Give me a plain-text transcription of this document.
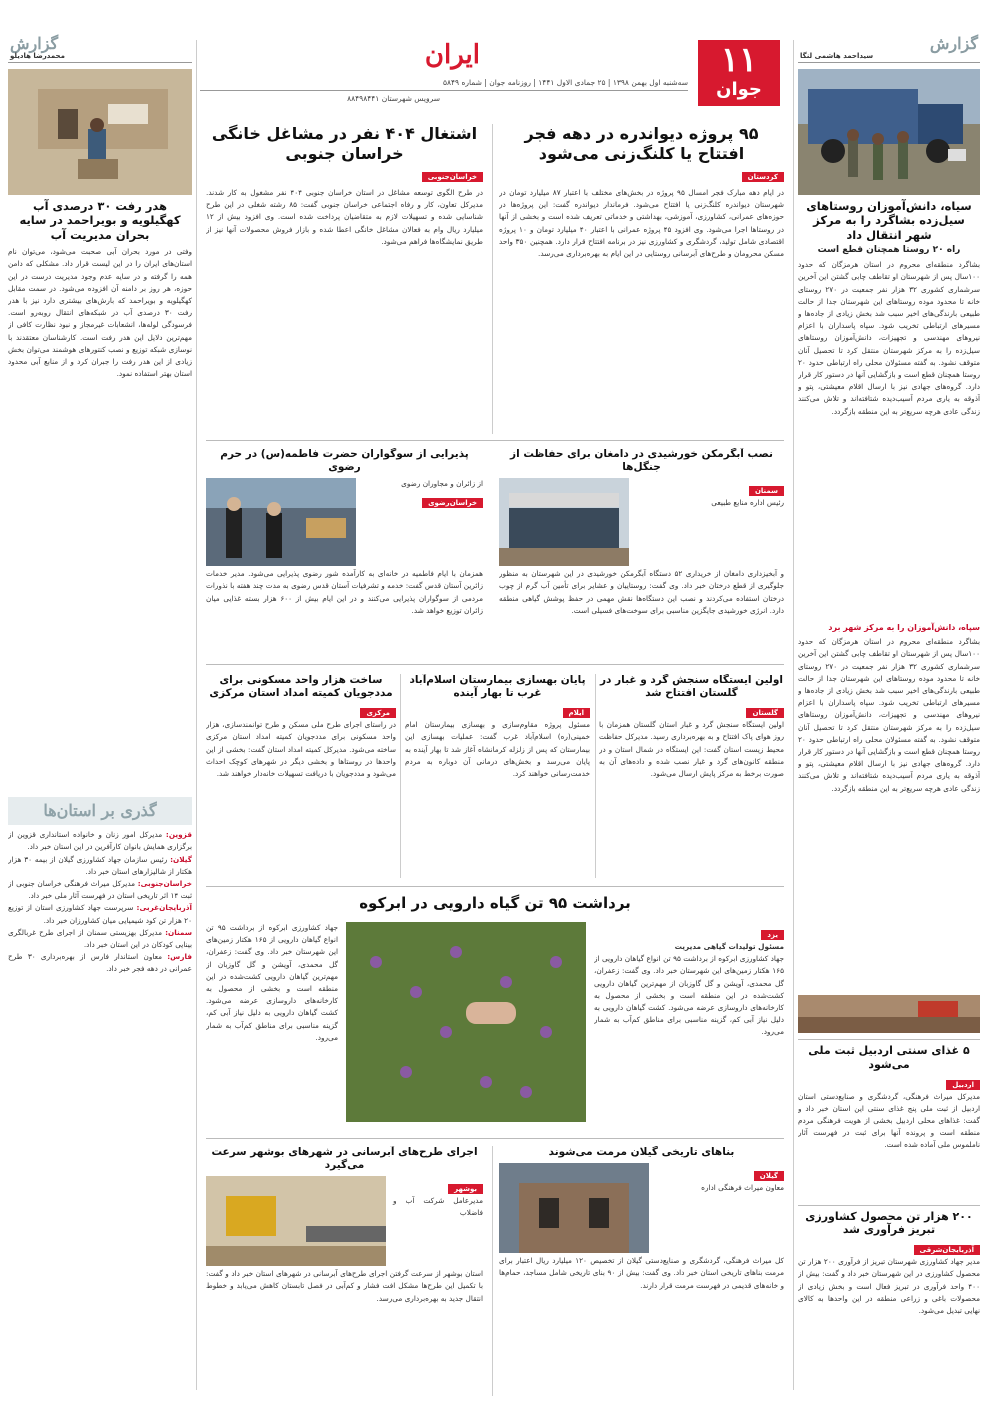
۱۱
جوان
ایران
سه‌شنبه اول بهمن ۱۳۹۸ | ۲۵ جمادی الاول ۱۴۴۱ | روزنامه جوان | شماره ۵۸۴۹
سرویس شهرستان ۸۸۴۹۸۴۴۱
گزارش
سیداحمد هاشمی لنگا
سیاه، دانش‌آموزان روستاهای سیل‌زده بشاگرد را به مرکز شهر انتقال داد
راه ۲۰ روستا همچنان قطع است
بشاگرد منطقه‌ای محروم در استان هرمزگان که حدود ۱۰۰سال پس از شهرستان او تقاطف چابی گشتن این آخرین سرشماری کشوری ۳۲ هزار نفر جمعیت در ۲۷۰ روستای خانه تا محدود موده روستاهای این شهرستان جدا از حالت طبیعی بارندگی‌های اخیر سبب شد بخش زیادی از جاده‌ها و مسیرهای ارتباطی تخریب شود. سپاه پاسداران با اعزام نیروهای مهندسی و تجهیزات، دانش‌آموزان روستاهای سیل‌زده را به مرکز شهرستان منتقل کرد تا تحصیل آنان متوقف نشود. به گفته مسئولان محلی راه ارتباطی حدود ۲۰ روستا همچنان قطع است و بازگشایی آنها در دستور کار قرار دارد. گروه‌های جهادی نیز با ارسال اقلام معیشتی، پتو و آذوقه به یاری مردم آسیب‌دیده شتافته‌اند و تلاش می‌کنند زندگی عادی هرچه سریع‌تر به این منطقه بازگردد.
سپاه، دانش‌آموزان را به مرکز شهر برد
بشاگرد منطقه‌ای محروم در استان هرمزگان که حدود ۱۰۰سال پس از شهرستان او تقاطف چابی گشتن این آخرین سرشماری کشوری ۳۲ هزار نفر جمعیت در ۲۷۰ روستای خانه تا محدود موده روستاهای این شهرستان جدا از حالت طبیعی بارندگی‌های اخیر سبب شد بخش زیادی از جاده‌ها و مسیرهای ارتباطی تخریب شود. سپاه پاسداران با اعزام نیروهای مهندسی و تجهیزات، دانش‌آموزان روستاهای سیل‌زده را به مرکز شهرستان منتقل کرد تا تحصیل آنان متوقف نشود. به گفته مسئولان محلی راه ارتباطی حدود ۲۰ روستا همچنان قطع است و بازگشایی آنها در دستور کار قرار دارد. گروه‌های جهادی نیز با ارسال اقلام معیشتی، پتو و آذوقه به یاری مردم آسیب‌دیده شتافته‌اند و تلاش می‌کنند زندگی عادی هرچه سریع‌تر به این منطقه بازگردد.
۵ غذای سنتی اردبیل ثبت ملی می‌شود
اردبیل
مدیرکل میراث فرهنگی، گردشگری و صنایع‌دستی استان اردبیل از ثبت ملی پنج غذای سنتی این استان خبر داد و گفت: غذاهای محلی اردبیل بخشی از هویت فرهنگی مردم منطقه است و پرونده آنها برای ثبت در فهرست آثار ناملموس ملی آماده شده است.
۲۰۰ هزار تن محصول کشاورزی تبریز فرآوری شد
آذربایجان‌شرقی
مدیر جهاد کشاورزی شهرستان تبریز از فرآوری ۲۰۰ هزار تن محصول کشاورزی در این شهرستان خبر داد و گفت: بیش از ۴۰۰ واحد فرآوری در تبریز فعال است و بخش زیادی از محصولات باغی و زراعی منطقه در این واحدها به کالای نهایی تبدیل می‌شود.
گزارش
محمدرضا هادیلو
هدر رفت ۳۰ درصدی آب کهگیلویه و بویراحمد در سایه بحران مدیریت آب
وفتی در مورد بحران آبی صحبت می‌شود، می‌توان نام استان‌های ایران را در این لیست قرار داد. مشکلی که دامن همه را گرفته و در سایه عدم وجود مدیریت درست در این حوزه، هر روز بر دامنه آن افزوده می‌شود. در سمت مقابل کهگیلویه و بویراحمد که بارش‌های بیشتری دارد نیز با هدر رفت ۳۰ درصدی آب در شبکه‌های انتقال روبه‌رو است. فرسودگی لوله‌ها، انشعابات غیرمجاز و نبود نظارت کافی از مهم‌ترین دلایل این هدر رفت است. کارشناسان معتقدند با نوسازی شبکه توزیع و نصب کنتورهای هوشمند می‌توان بخش زیادی از این هدر رفت را جبران کرد و از منابع آبی محدود استان بهتر استفاده نمود.
گذری بر استان‌ها
قزوین: مدیرکل امور زنان و خانواده استانداری قزوین از برگزاری همایش بانوان کارآفرین در این استان خبر داد.
گیلان: رئیس سازمان جهاد کشاورزی گیلان از بیمه ۳۰ هزار هکتار از شالیزارهای استان خبر داد.
خراسان‌جنوبی: مدیرکل میراث فرهنگی خراسان جنوبی از ثبت ۱۴ اثر تاریخی استان در فهرست آثار ملی خبر داد.
آذربایجان‌غربی: سرپرست جهاد کشاورزی استان از توزیع ۲۰ هزار تن کود شیمیایی میان کشاورزان خبر داد.
سمنان: مدیرکل بهزیستی سمنان از اجرای طرح غربالگری بینایی کودکان در این استان خبر داد.
فارس: معاون استاندار فارس از بهره‌برداری ۳۰ طرح عمرانی در دهه فجر خبر داد.
۹۵ پروژه دیواندره در دهه فجر افتتاح یا کلنگ‌زنی می‌شود
کردستان
در ایام دهه مبارک فجر امسال ۹۵ پروژه در بخش‌های مختلف با اعتبار ۸۷ میلیارد تومان در شهرستان دیواندره کلنگ‌زنی یا افتتاح می‌شود. فرماندار دیواندره گفت: این پروژه‌ها در حوزه‌های عمرانی، کشاورزی، آموزشی، بهداشتی و خدماتی تعریف شده است و بخشی از آنها در روستاها اجرا می‌شود. وی افزود ۴۵ پروژه عمرانی با اعتبار ۴۰ میلیارد تومان و ۱۰ پروژه اقتصادی شامل تولید، گردشگری و کشاورزی نیز در برنامه افتتاح قرار دارد. همچنین ۳۵۰ واحد مسکن محرومان و طرح‌های آبرسانی روستایی در این ایام به بهره‌برداری می‌رسد.
اشتغال ۴۰۴ نفر در مشاغل خانگی خراسان جنوبی
خراسان‌جنوبی
در طرح الگوی توسعه مشاغل در استان خراسان جنوبی ۴۰۴ نفر مشغول به کار شدند. مدیرکل تعاون، کار و رفاه اجتماعی خراسان جنوبی گفت: ۸۵ رشته شغلی در این طرح شناسایی شده و تسهیلات لازم به متقاضیان پرداخت شده است. وی افزود بیش از ۱۲ میلیارد ریال وام به فعالان مشاغل خانگی اعطا شده و بازار فروش محصولات آنها نیز از طریق نمایشگاه‌ها فراهم می‌شود.
نصب آبگرمکن خورشیدی در دامغان برای حفاظت از جنگل‌ها
سمنان
رئیس اداره منابع طبیعی
و آبخیزداری دامغان از خریداری ۵۲ دستگاه آبگرمکن خورشیدی در این شهرستان به منظور جلوگیری از قطع درختان خبر داد. وی گفت: روستاییان و عشایر برای تأمین آب گرم از چوب درختان استفاده می‌کردند و نصب این دستگاه‌ها نقش مهمی در حفظ پوشش گیاهی منطقه دارد. انرژی خورشیدی جایگزین مناسبی برای سوخت‌های فسیلی است.
پذیرایی از سوگواران حضرت فاطمه(س) در حرم رضوی
از زائران و مجاوران رضوی
خراسان‌رضوی
همزمان با ایام فاطمیه در خانه‌ای به کارآمده شور رضوی پذیرایی می‌شود. مدیر خدمات زائرین آستان قدس گفت: خدمه و تشرفیات آستان قدس رضوی به مدت چند هفته با نذورات مردمی از سوگواران پذیرایی می‌کنند و در این ایام بیش از ۶۰۰ هزار بسته غذایی میان زائران توزیع خواهد شد.
اولین ایستگاه سنجش گرد و غبار در گلستان افتتاح شد
گلستان
اولین ایستگاه سنجش گرد و غبار استان گلستان همزمان با روز هوای پاک افتتاح و به بهره‌برداری رسید. مدیرکل حفاظت محیط زیست استان گفت: این ایستگاه در شمال استان و در منطقه کانون‌های گرد و غبار نصب شده و داده‌های آن به صورت برخط به مرکز پایش ارسال می‌شود.
پایان بهسازی بیمارستان اسلام‌آباد غرب تا بهار آینده
ایلام
مسئول پروژه مقاوم‌سازی و بهسازی بیمارستان امام خمینی(ره) اسلام‌آباد غرب گفت: عملیات بهسازی این بیمارستان که پس از زلزله کرمانشاه آغاز شد تا بهار آینده به پایان می‌رسد و بخش‌های درمانی آن دوباره به مردم خدمت‌رسانی خواهند کرد.
ساخت هزار واحد مسکونی برای مددجویان کمیته امداد استان مرکزی
مرکزی
در راستای اجرای طرح ملی مسکن و طرح توانمندسازی، هزار واحد مسکونی برای مددجویان کمیته امداد استان مرکزی ساخته می‌شود. مدیرکل کمیته امداد استان گفت: بخشی از این واحدها در روستاها و بخشی دیگر در شهرهای کوچک احداث می‌شود و مددجویان با دریافت تسهیلات خانه‌دار خواهند شد.
برداشت ۹۵ تن گیاه دارویی در ابرکوه
یزد
مسئول تولیدات گیاهی مدیریت
جهاد کشاورزی ابرکوه از برداشت ۹۵ تن انواع گیاهان دارویی از ۱۶۵ هکتار زمین‌های این شهرستان خبر داد. وی گفت: زعفران، گل محمدی، آویشن و گل گاوزبان از مهم‌ترین گیاهان دارویی کشت‌شده در این منطقه است و بخشی از محصول به کارخانه‌های داروسازی عرضه می‌شود. کشت گیاهان دارویی به دلیل نیاز آبی کم، گزینه مناسبی برای مناطق کم‌آب به شمار می‌رود.
جهاد کشاورزی ابرکوه از برداشت ۹۵ تن انواع گیاهان دارویی از ۱۶۵ هکتار زمین‌های این شهرستان خبر داد. وی گفت: زعفران، گل محمدی، آویشن و گل گاوزبان از مهم‌ترین گیاهان دارویی کشت‌شده در این منطقه است و بخشی از محصول به کارخانه‌های داروسازی عرضه می‌شود. کشت گیاهان دارویی به دلیل نیاز آبی کم، گزینه مناسبی برای مناطق کم‌آب به شمار می‌رود.
بناهای تاریخی گیلان مرمت می‌شوند
گیلان
معاون میراث فرهنگی اداره
کل میراث فرهنگی، گردشگری و صنایع‌دستی گیلان از تخصیص ۱۲۰ میلیارد ریال اعتبار برای مرمت بناهای تاریخی استان خبر داد. وی گفت: بیش از ۹۰ بنای تاریخی شامل مساجد، حمام‌ها و خانه‌های قدیمی در فهرست مرمت قرار دارند.
اجرای طرح‌های آبرسانی در شهرهای بوشهر سرعت می‌گیرد
بوشهر
مدیرعامل شرکت آب و فاضلاب
استان بوشهر از سرعت گرفتن اجرای طرح‌های آبرسانی در شهرهای استان خبر داد و گفت: با تکمیل این طرح‌ها مشکل افت فشار و کم‌آبی در فصل تابستان کاهش می‌یابد و خطوط انتقال جدید به بهره‌برداری می‌رسد.
